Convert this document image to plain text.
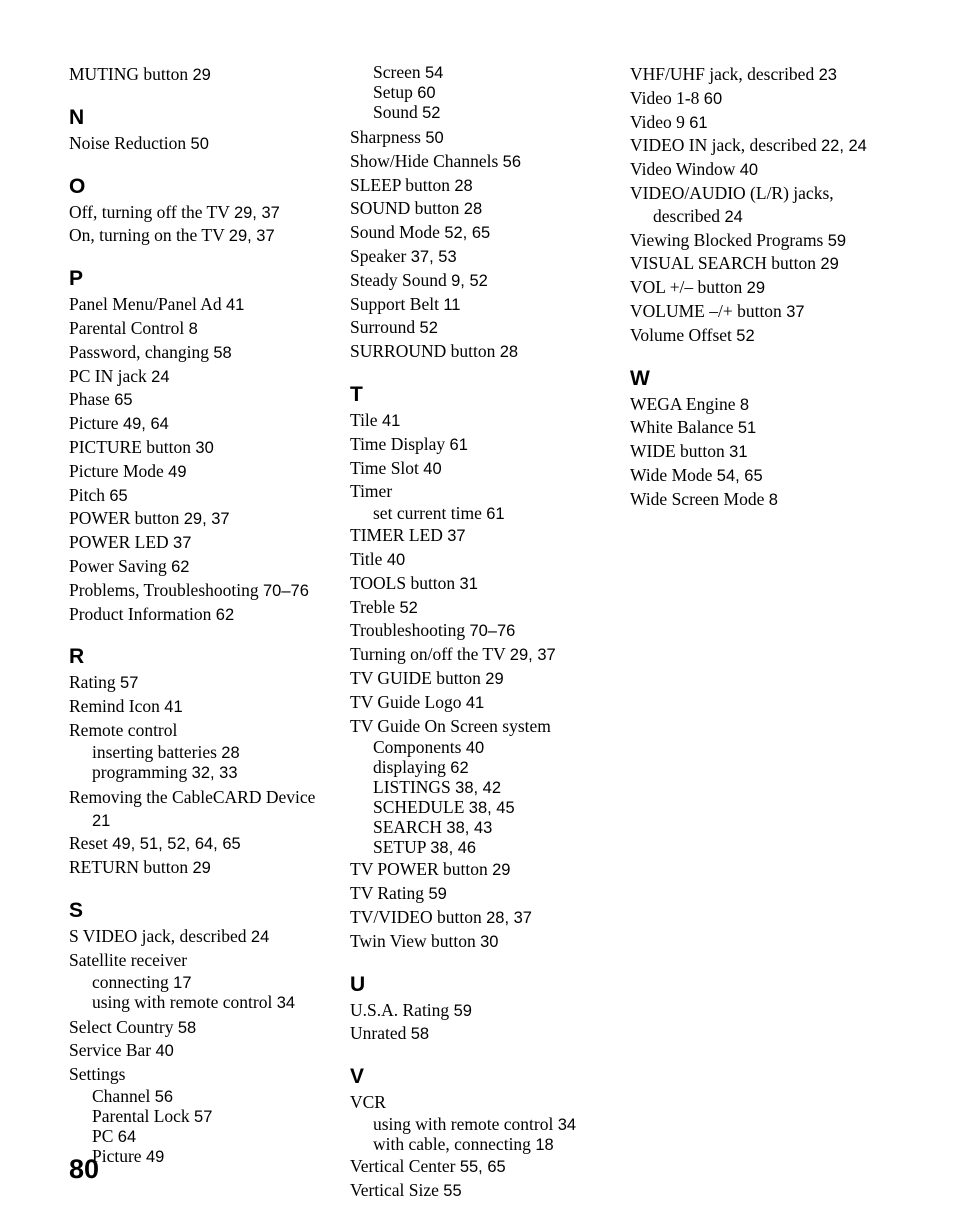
MUTING button 29
N
Noise Reduction 50
O
Off, turning off the TV 29, 37
On, turning on the TV 29, 37
P
Panel Menu/Panel Ad 41
Parental Control 8
Password, changing 58
PC IN jack 24
Phase 65
Picture 49, 64
PICTURE button 30
Picture Mode 49
Pitch 65
POWER button 29, 37
POWER LED 37
Power Saving 62
Problems, Troubleshooting 70–76
Product Information 62
R
Rating 57
Remind Icon 41
Remote control
inserting batteries 28
programming 32, 33
Removing the CableCARD Device 21
Reset 49, 51, 52, 64, 65
RETURN button 29
S
S VIDEO jack, described 24
Satellite receiver
connecting 17
using with remote control 34
Select Country 58
Service Bar 40
Settings
Channel 56
Parental Lock 57
PC 64
Picture 49
Screen 54
Setup 60
Sound 52
Sharpness 50
Show/Hide Channels 56
SLEEP button 28
SOUND button 28
Sound Mode 52, 65
Speaker 37, 53
Steady Sound 9, 52
Support Belt 11
Surround 52
SURROUND button 28
T
Tile 41
Time Display 61
Time Slot 40
Timer
set current time 61
TIMER LED 37
Title 40
TOOLS button 31
Treble 52
Troubleshooting 70–76
Turning on/off the TV 29, 37
TV GUIDE button 29
TV Guide Logo 41
TV Guide On Screen system
Components 40
displaying 62
LISTINGS 38, 42
SCHEDULE 38, 45
SEARCH 38, 43
SETUP 38, 46
TV POWER button 29
TV Rating 59
TV/VIDEO button 28, 37
Twin View button 30
U
U.S.A. Rating 59
Unrated 58
V
VCR
using with remote control 34
with cable, connecting 18
Vertical Center 55, 65
Vertical Size 55
VHF/UHF jack, described 23
Video 1-8 60
Video 9 61
VIDEO IN jack, described 22, 24
Video Window 40
VIDEO/AUDIO (L/R) jacks, described 24
Viewing Blocked Programs 59
VISUAL SEARCH button 29
VOL +/– button 29
VOLUME –/+ button 37
Volume Offset 52
W
WEGA Engine 8
White Balance 51
WIDE button 31
Wide Mode 54, 65
Wide Screen Mode 8
80
